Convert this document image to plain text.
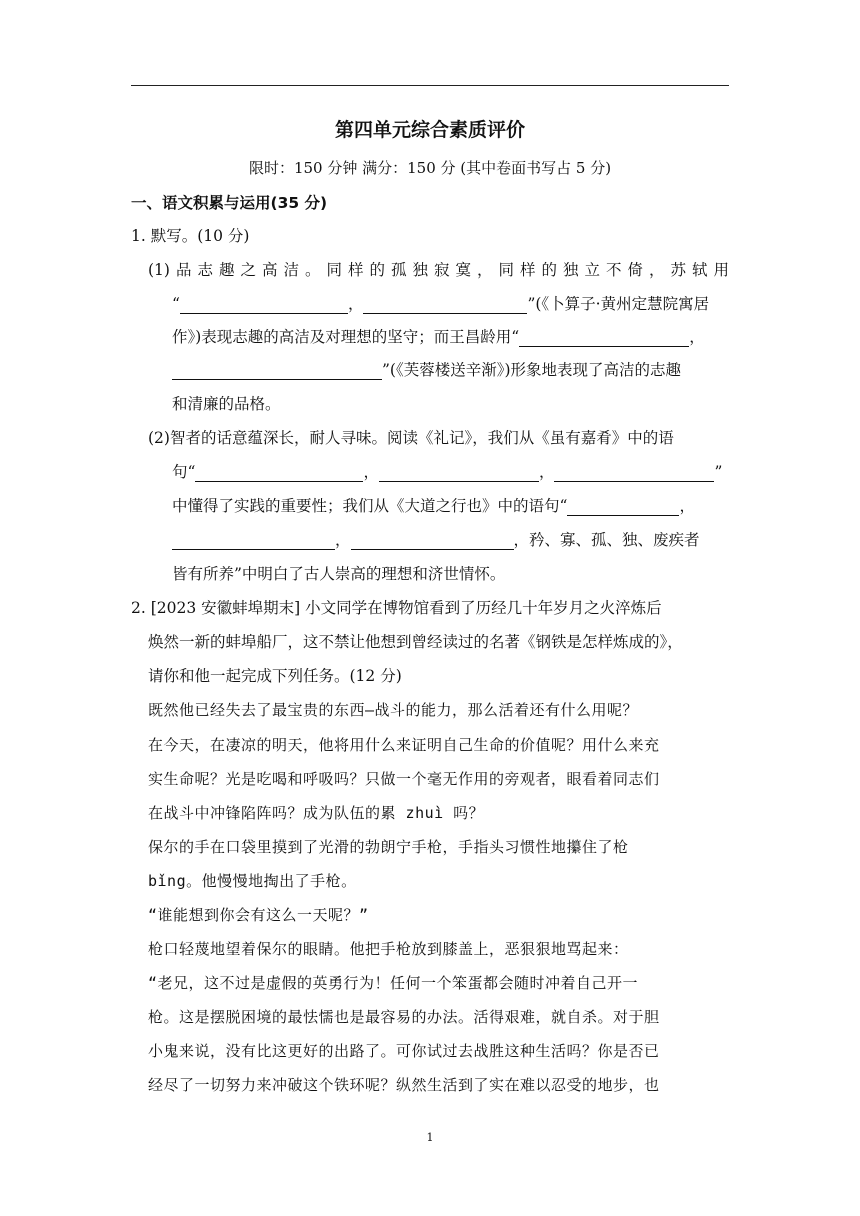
第四单元综合素质评价
限时：150 分钟 满分：150 分 (其中卷面书写占 5 分)
一、语文积累与运用(35 分)
1. 默写。(10 分)
(1)品志趣之高洁。同样的孤独寂寞，同样的独立不倚，苏轼用
“	，	”(《卜算子·黄州定慧院寓居
作》)表现志趣的高洁及对理想的坚守；而王昌龄用“	，
”(《芙蓉楼送辛渐》)形象地表现了高洁的志趣
和清廉的品格。
(2)智者的话意蕴深长，耐人寻味。阅读《礼记》，我们从《虽有嘉肴》中的语
句“	，	，	”
中懂得了实践的重要性；我们从《大道之行也》中的语句“	，
，	，矜、寡、孤、独、废疾者
皆有所养”中明白了古人崇高的理想和济世情怀。
2. [2023 安徽蚌埠期末] 小文同学在博物馆看到了历经几十年岁月之火淬炼后
焕然一新的蚌埠船厂，这不禁让他想到曾经读过的名著《钢铁是怎样炼成的》，
请你和他一起完成下列任务。(12 分)
既然他已经失去了最宝贵的东西—战斗的能力，那么活着还有什么用呢？
在今天，在凄凉的明天，他将用什么来证明自己生命的价值呢？用什么来充
实生命呢？光是吃喝和呼吸吗？只做一个毫无作用的旁观者，眼看着同志们
在战斗中冲锋陷阵吗？成为队伍的累 zhuì 吗？
保尔的手在口袋里摸到了光滑的勃朗宁手枪，手指头习惯性地攥住了枪
bǐng。他慢慢地掏出了手枪。
“谁能想到你会有这么一天呢？”
枪口轻蔑地望着保尔的眼睛。他把手枪放到膝盖上，恶狠狠地骂起来：
“老兄，这不过是虚假的英勇行为！任何一个笨蛋都会随时冲着自己开一
枪。这是摆脱困境的最怯懦也是最容易的办法。活得艰难，就自杀。对于胆
小鬼来说，没有比这更好的出路了。可你试过去战胜这种生活吗？你是否已
经尽了一切努力来冲破这个铁环呢？纵然生活到了实在难以忍受的地步，也
1
